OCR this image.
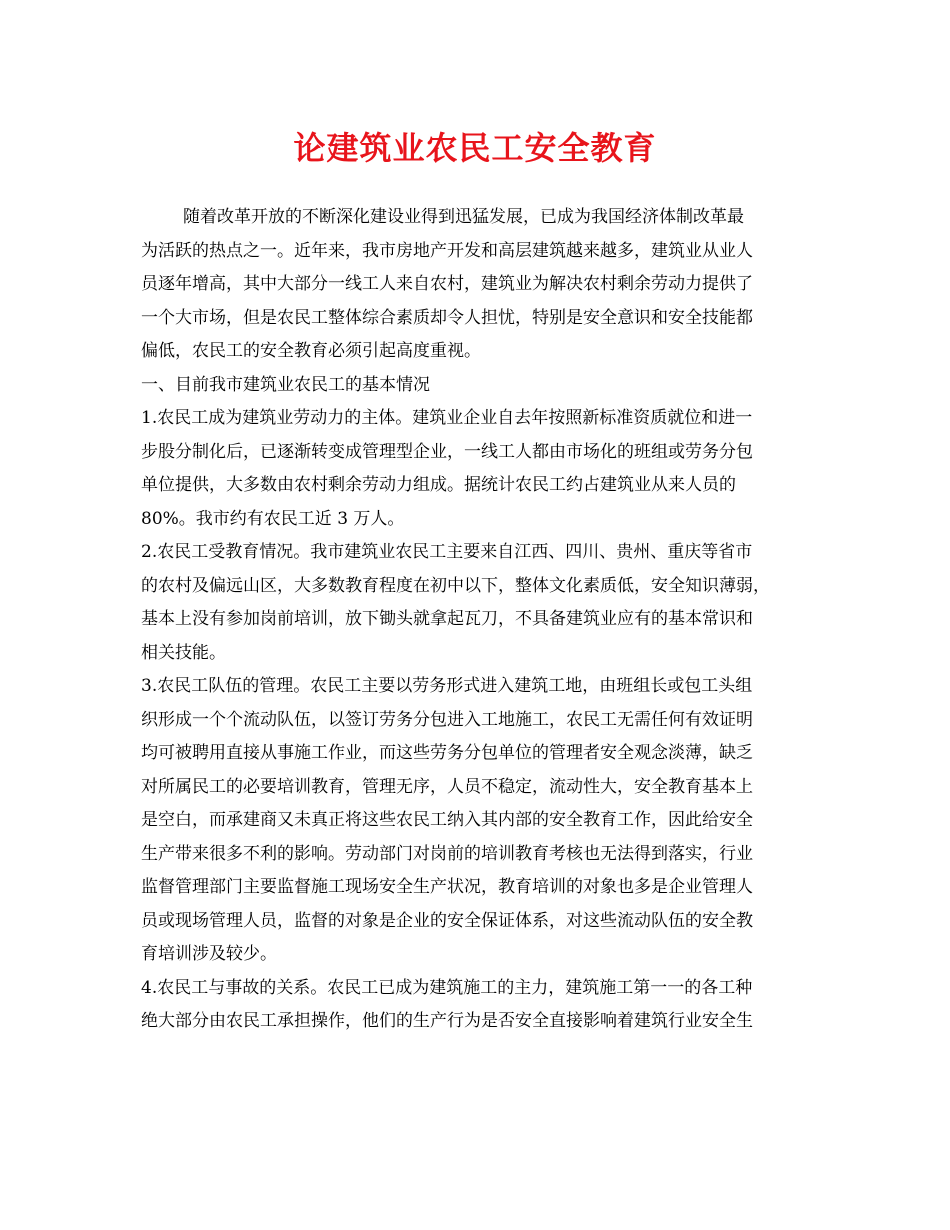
论建筑业农民工安全教育
随着改革开放的不断深化建设业得到迅猛发展，已成为我国经济体制改革最
为活跃的热点之一。近年来，我市房地产开发和高层建筑越来越多，建筑业从业人
员逐年增高，其中大部分一线工人来自农村，建筑业为解决农村剩余劳动力提供了
一个大市场，但是农民工整体综合素质却令人担忧，特别是安全意识和安全技能都
偏低，农民工的安全教育必须引起高度重视。
一、目前我市建筑业农民工的基本情况
1.农民工成为建筑业劳动力的主体。建筑业企业自去年按照新标准资质就位和进一
步股分制化后，已逐渐转变成管理型企业，一线工人都由市场化的班组或劳务分包
单位提供，大多数由农村剩余劳动力组成。据统计农民工约占建筑业从来人员的
80%。我市约有农民工近 3 万人。
2.农民工受教育情况。我市建筑业农民工主要来自江西、四川、贵州、重庆等省市
的农村及偏远山区，大多数教育程度在初中以下，整体文化素质低，安全知识薄弱，
基本上没有参加岗前培训，放下锄头就拿起瓦刀，不具备建筑业应有的基本常识和
相关技能。
3.农民工队伍的管理。农民工主要以劳务形式进入建筑工地，由班组长或包工头组
织形成一个个流动队伍，以签订劳务分包进入工地施工，农民工无需任何有效证明
均可被聘用直接从事施工作业，而这些劳务分包单位的管理者安全观念淡薄，缺乏
对所属民工的必要培训教育，管理无序，人员不稳定，流动性大，安全教育基本上
是空白，而承建商又未真正将这些农民工纳入其内部的安全教育工作，因此给安全
生产带来很多不利的影响。劳动部门对岗前的培训教育考核也无法得到落实，行业
监督管理部门主要监督施工现场安全生产状况，教育培训的对象也多是企业管理人
员或现场管理人员，监督的对象是企业的安全保证体系，对这些流动队伍的安全教
育培训涉及较少。
4.农民工与事故的关系。农民工已成为建筑施工的主力，建筑施工第一一的各工种
绝大部分由农民工承担操作，他们的生产行为是否安全直接影响着建筑行业安全生
